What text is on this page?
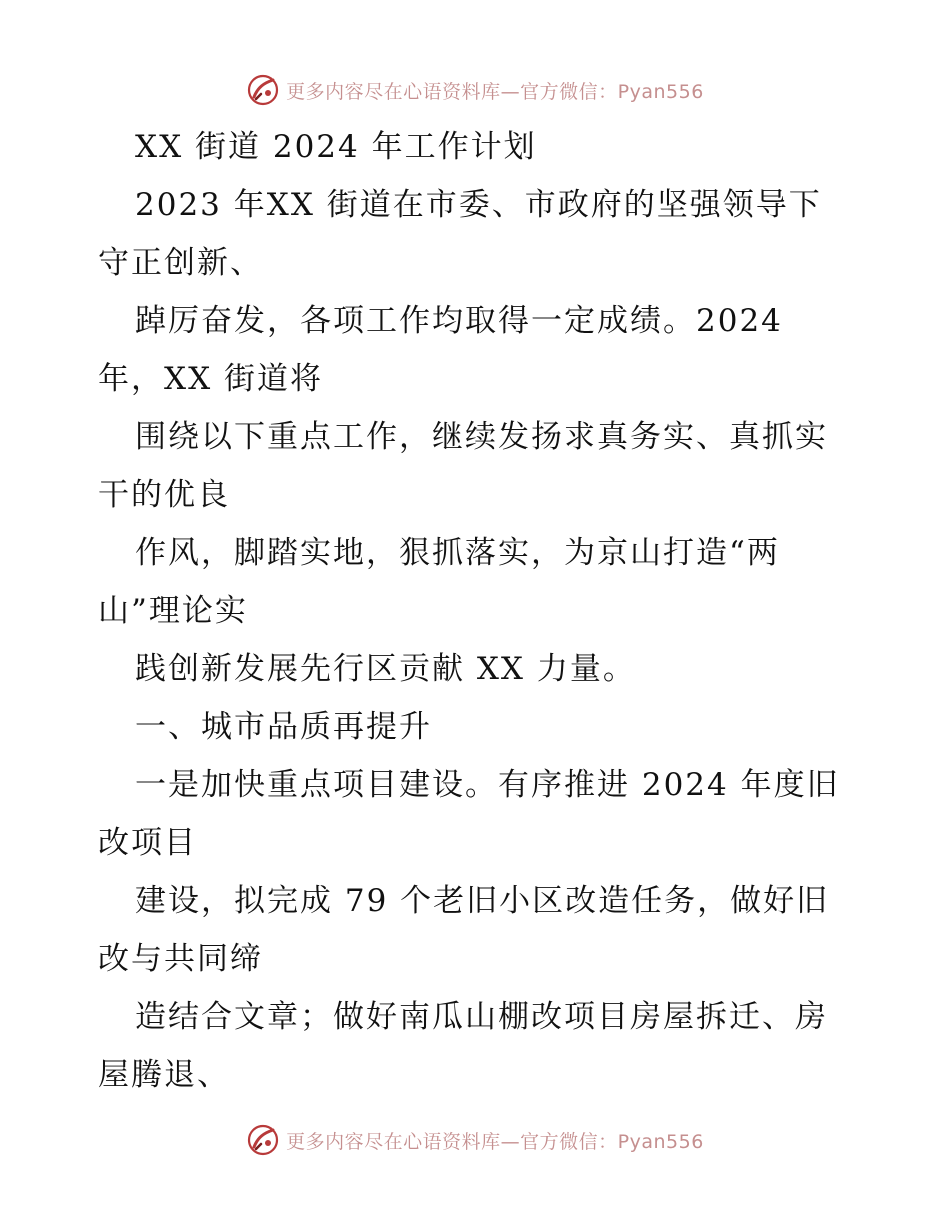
更多内容尽在心语资料库—官方微信：Pyan556
XX 街道 2024 年工作计划
2023 年XX 街道在市委、市政府的坚强领导下
守正创新、
踔厉奋发，各项工作均取得一定成绩。2024
年，XX 街道将
围绕以下重点工作，继续发扬求真务实、真抓实
干的优良
作风，脚踏实地，狠抓落实，为京山打造“两
山”理论实
践创新发展先行区贡献 XX 力量。
一、城市品质再提升
一是加快重点项目建设。有序推进 2024 年度旧
改项目
建设，拟完成 79 个老旧小区改造任务，做好旧
改与共同缔
造结合文章；做好南瓜山棚改项目房屋拆迁、房
屋腾退、
更多内容尽在心语资料库—官方微信：Pyan556
